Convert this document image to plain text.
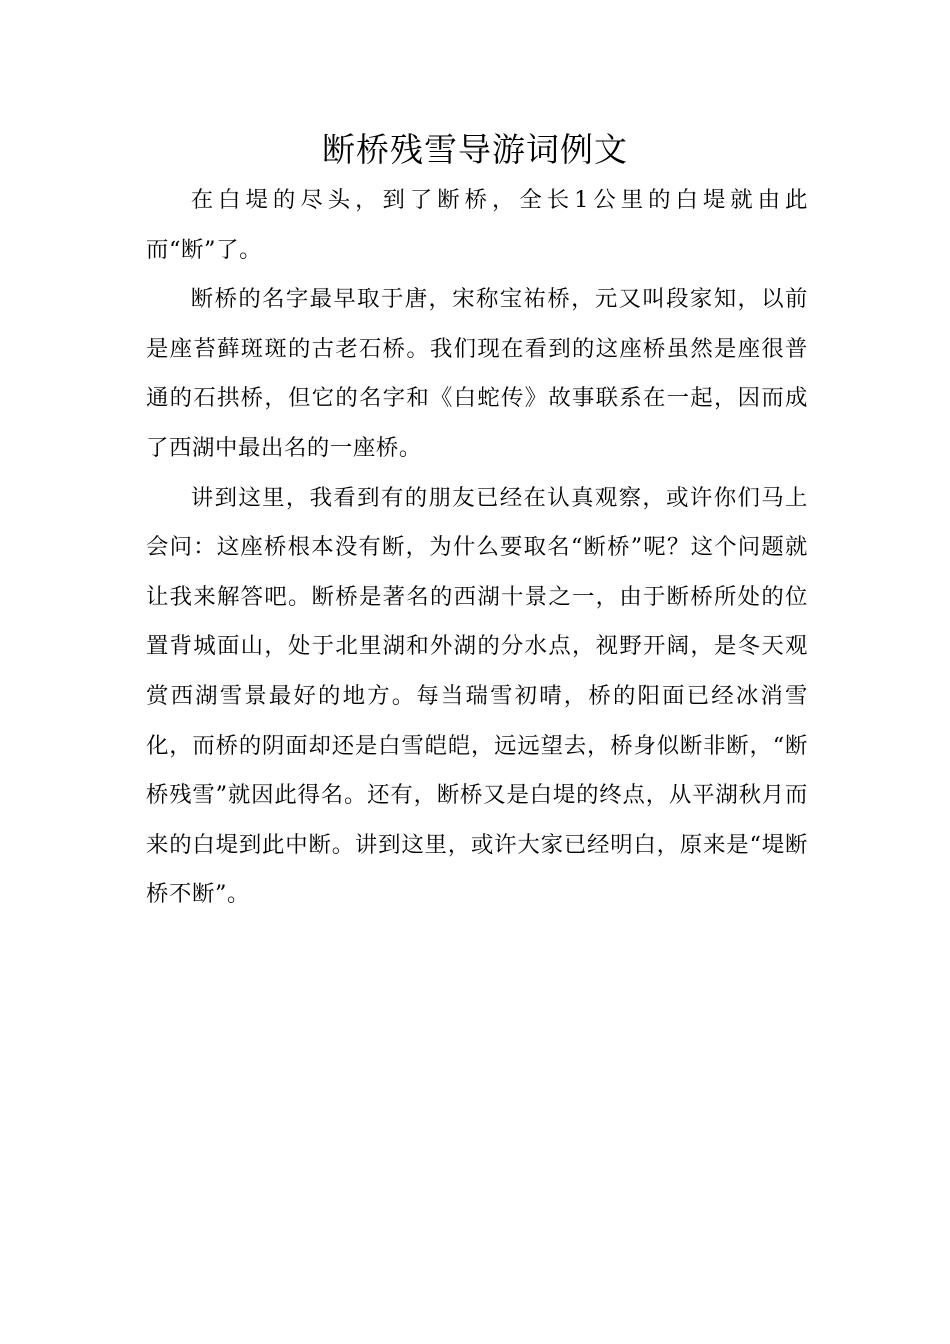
断桥残雪导游词例文

在白堤的尽头，到了断桥，全长1公里的白堤就由此而“断”了。

断桥的名字最早取于唐，宋称宝祐桥，元又叫段家知，以前是座苔藓斑斑的古老石桥。我们现在看到的这座桥虽然是座很普通的石拱桥，但它的名字和《白蛇传》故事联系在一起，因而成了西湖中最出名的一座桥。

讲到这里，我看到有的朋友已经在认真观察，或许你们马上会问：这座桥根本没有断，为什么要取名“断桥”呢？这个问题就让我来解答吧。断桥是著名的西湖十景之一，由于断桥所处的位置背城面山，处于北里湖和外湖的分水点，视野开阔，是冬天观赏西湖雪景最好的地方。每当瑞雪初晴，桥的阳面已经冰消雪化，而桥的阴面却还是白雪皑皑，远远望去，桥身似断非断，“断桥残雪”就因此得名。还有，断桥又是白堤的终点，从平湖秋月而来的白堤到此中断。讲到这里，或许大家已经明白，原来是“堤断桥不断”。
